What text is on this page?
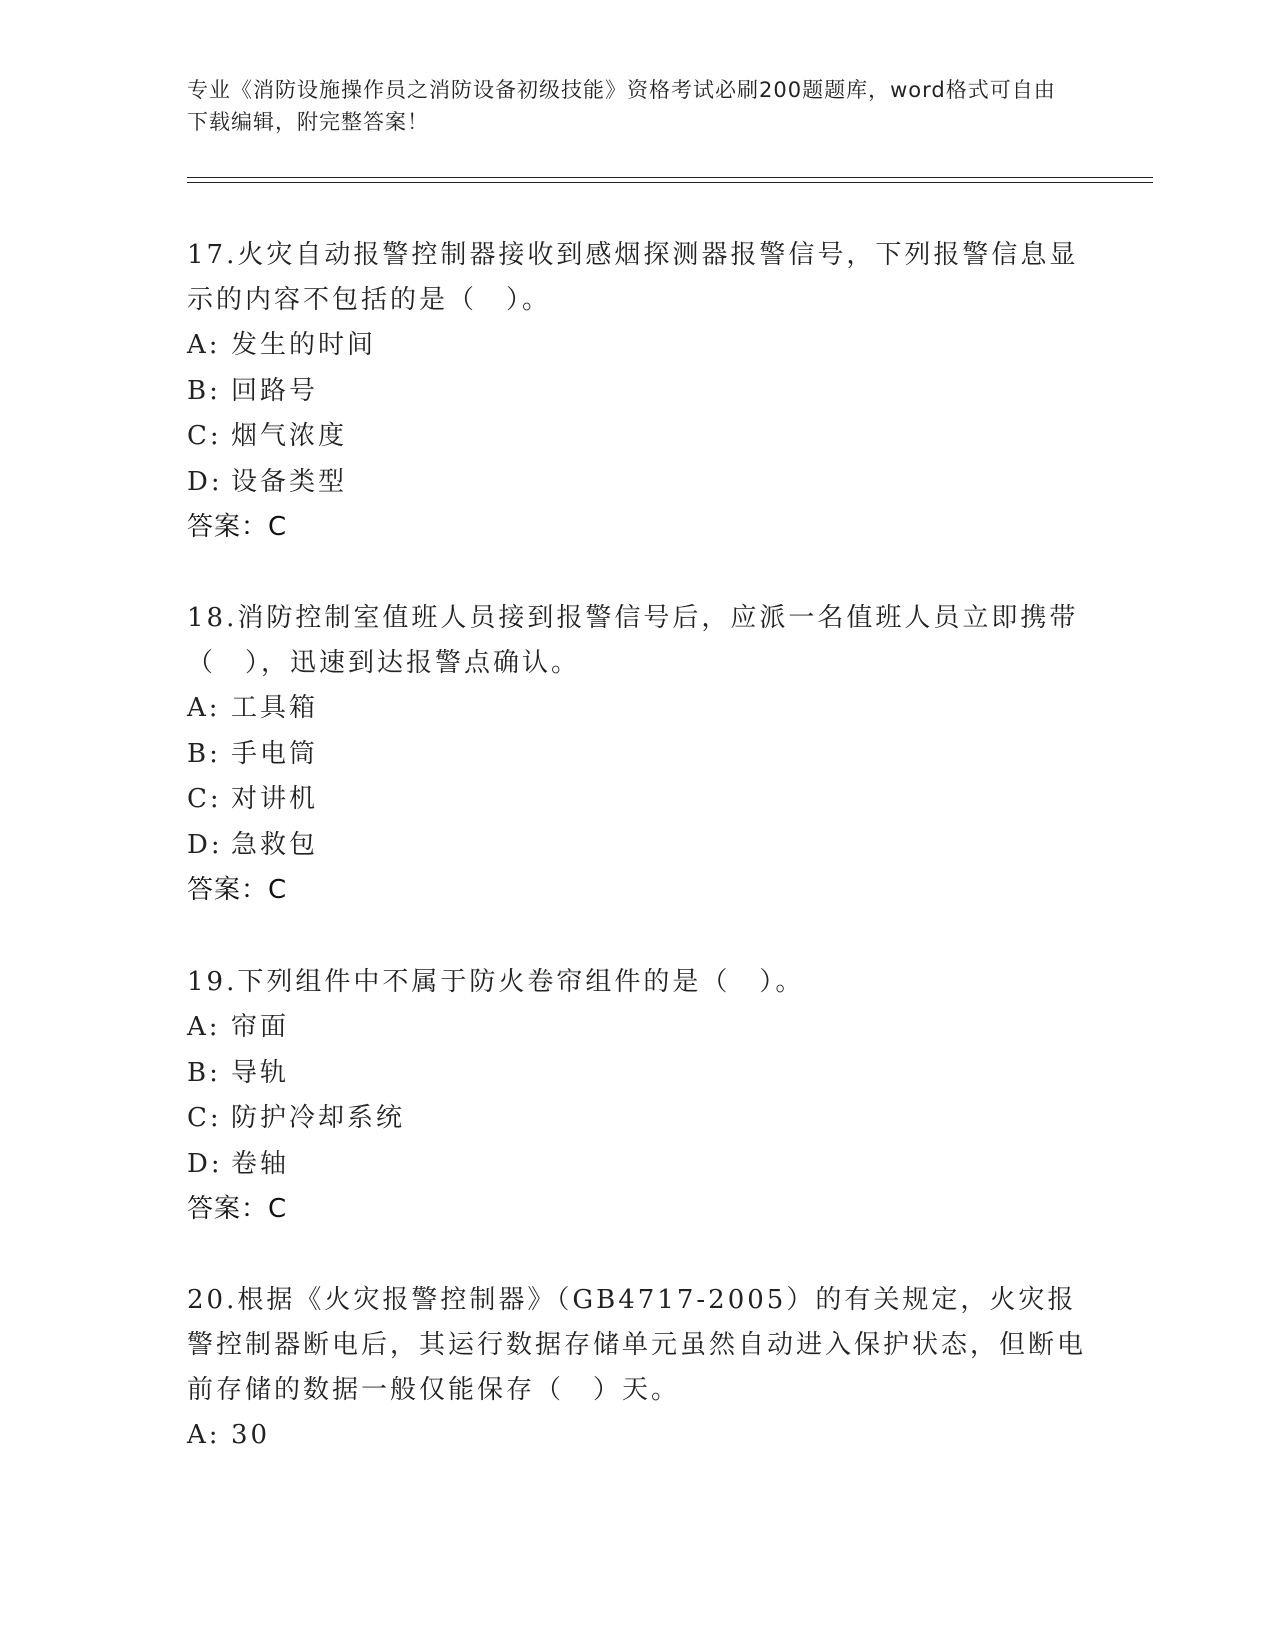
专业《消防设施操作员之消防设备初级技能》资格考试必刷200题题库，word格式可自由下载编辑，附完整答案！

17.火灾自动报警控制器接收到感烟探测器报警信号，下列报警信息显示的内容不包括的是（　）。

A: 发生的时间

B: 回路号

C: 烟气浓度

D: 设备类型

答案：C

18.消防控制室值班人员接到报警信号后，应派一名值班人员立即携带（　），迅速到达报警点确认。

A: 工具箱

B: 手电筒

C: 对讲机

D: 急救包

答案：C

19.下列组件中不属于防火卷帘组件的是（　）。

A: 帘面

B: 导轨

C: 防护冷却系统

D: 卷轴

答案：C

20.根据《火灾报警控制器》（GB4717-2005）的有关规定，火灾报警控制器断电后，其运行数据存储单元虽然自动进入保护状态，但断电前存储的数据一般仅能保存（　）天。

A: 30
